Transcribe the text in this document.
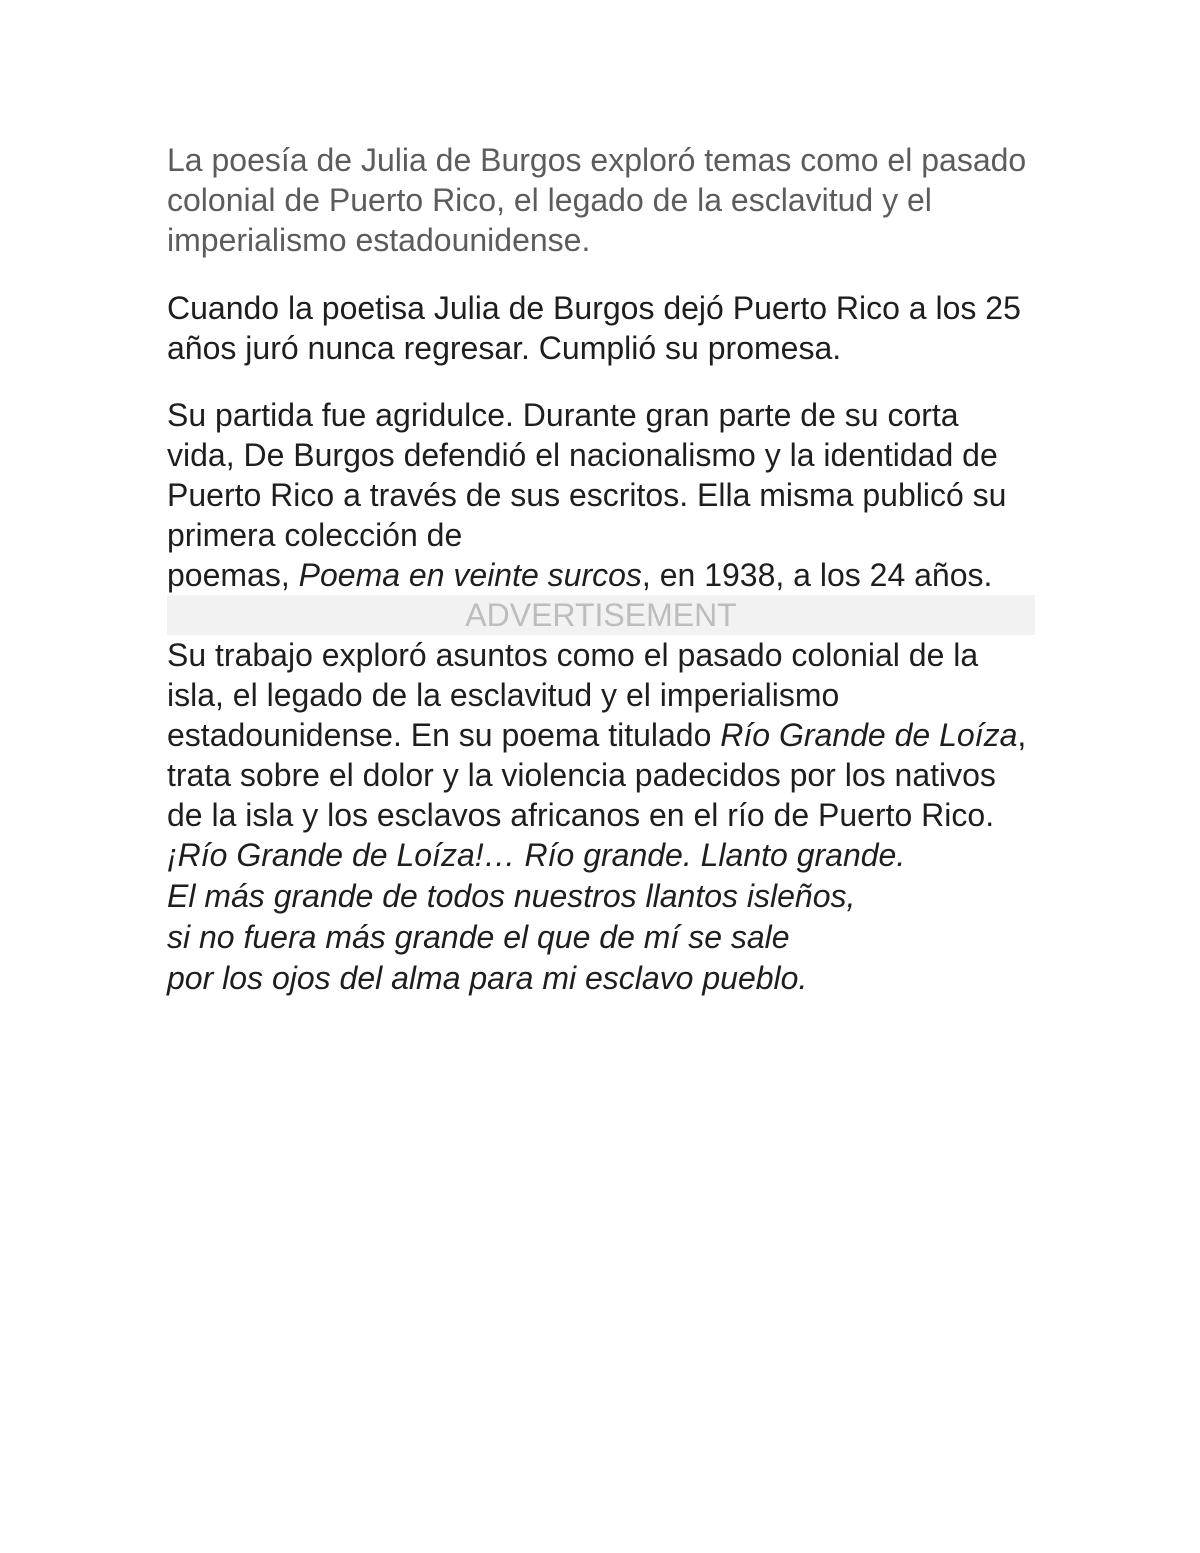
La poesía de Julia de Burgos exploró temas como el pasado colonial de Puerto Rico, el legado de la esclavitud y el imperialismo estadounidense.

Cuando la poetisa Julia de Burgos dejó Puerto Rico a los 25 años juró nunca regresar. Cumplió su promesa.

Su partida fue agridulce. Durante gran parte de su corta vida, De Burgos defendió el nacionalismo y la identidad de Puerto Rico a través de sus escritos. Ella misma publicó su primera colección de
poemas, Poema en veinte surcos, en 1938, a los 24 años.

ADVERTISEMENT

Su trabajo exploró asuntos como el pasado colonial de la isla, el legado de la esclavitud y el imperialismo estadounidense. En su poema titulado Río Grande de Loíza, trata sobre el dolor y la violencia padecidos por los nativos de la isla y los esclavos africanos en el río de Puerto Rico.

¡Río Grande de Loíza!… Río grande. Llanto grande.

El más grande de todos nuestros llantos isleños,

si no fuera más grande el que de mí se sale

por los ojos del alma para mi esclavo pueblo.
